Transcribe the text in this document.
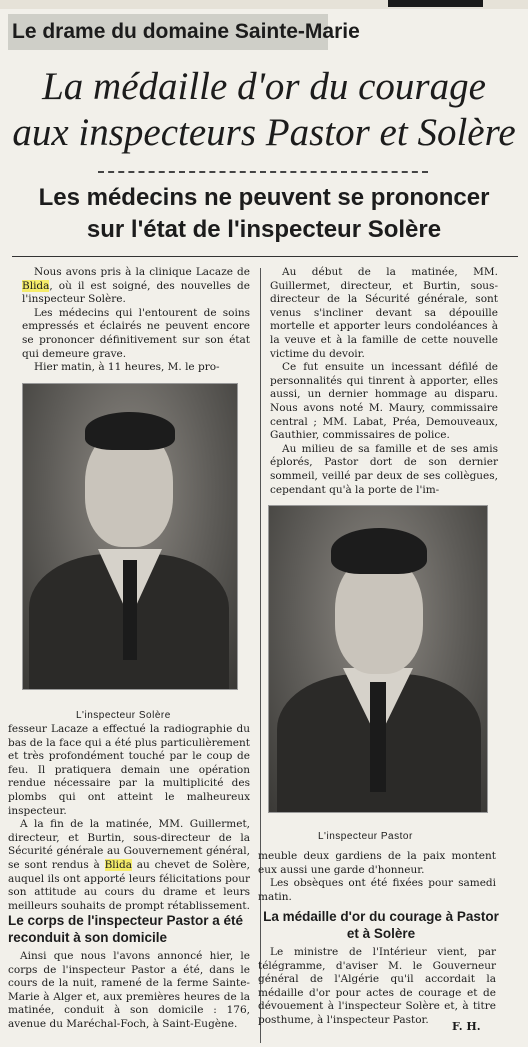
Le drame du domaine Sainte-Marie
La médaille d'or du courage
aux inspecteurs Pastor et Solère
Les médecins ne peuvent se prononcer
sur l'état de l'inspecteur Solère

Nous avons pris à la clinique Lacaze de Blida, où il est soigné, des nouvelles de l'inspecteur Solère.

Les médecins qui l'entourent de soins empressés et éclairés ne peuvent encore se prononcer définitivement sur son état qui demeure grave.

Hier matin, à 11 heures, M. le pro-

L'inspecteur Solère

fesseur Lacaze a effectué la radiographie du bas de la face qui a été plus particulièrement et très profondément touché par le coup de feu. Il pratiquera demain une opération rendue nécessaire par la multiplicité des plombs qui ont atteint le malheureux inspecteur.

A la fin de la matinée, MM. Guillermet, directeur, et Burtin, sous-directeur de la Sécurité générale au Gouvernement général, se sont rendus à Blida au chevet de Solère, auquel ils ont apporté leurs félicitations pour son attitude au cours du drame et leurs meilleurs souhaits de prompt rétablissement.

Le corps de l'inspecteur Pastor a été reconduit à son domicile

Ainsi que nous l'avons annoncé hier, le corps de l'inspecteur Pastor a été, dans le cours de la nuit, ramené de la ferme Sainte-Marie à Alger et, aux premières heures de la matinée, conduit à son domicile : 176, avenue du Maréchal-Foch, à Saint-Eugène.

Au début de la matinée, MM. Guillermet, directeur, et Burtin, sous-directeur de la Sécurité générale, sont venus s'incliner devant sa dépouille mortelle et apporter leurs condoléances à la veuve et à la famille de cette nouvelle victime du devoir.

Ce fut ensuite un incessant défilé de personnalités qui tinrent à apporter, elles aussi, un dernier hommage au disparu. Nous avons noté M. Maury, commissaire central ; MM. Labat, Préa, Demouveaux, Gauthier, commissaires de police.

Au milieu de sa famille et de ses amis éplorés, Pastor dort de son dernier sommeil, veillé par deux de ses collègues, cependant qu'à la porte de l'im-

L'inspecteur Pastor

meuble deux gardiens de la paix montent eux aussi une garde d'honneur.

Les obsèques ont été fixées pour samedi matin.

La médaille d'or du courage à Pastor et à Solère

Le ministre de l'Intérieur vient, par télégramme, d'aviser M. le Gouverneur général de l'Algérie qu'il accordait la médaille d'or pour actes de courage et de dévouement à l'inspecteur Solère et, à titre posthume, à l'inspecteur Pastor.

F. H.
